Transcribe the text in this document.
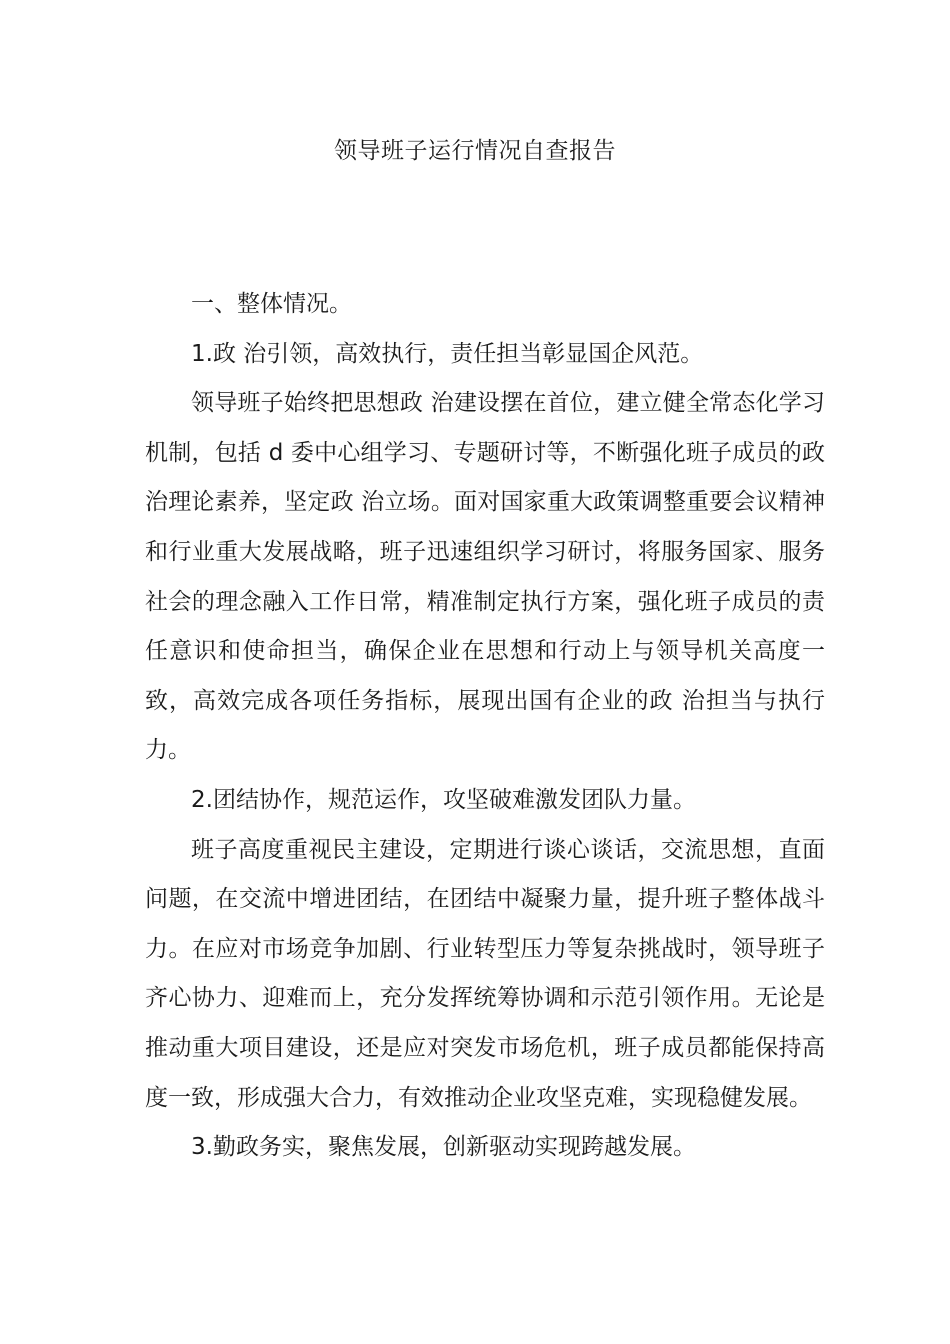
领导班子运行情况自查报告

一、整体情况。

1.政 治引领，高效执行，责任担当彰显国企风范。

领导班子始终把思想政 治建设摆在首位，建立健全常态化学习机制，包括 d 委中心组学习、专题研讨等，不断强化班子成员的政 治理论素养，坚定政 治立场。面对国家重大政策调整重要会议精神和行业重大发展战略，班子迅速组织学习研讨，将服务国家、服务社会的理念融入工作日常，精准制定执行方案，强化班子成员的责任意识和使命担当，确保企业在思想和行动上与领导机关高度一致，高效完成各项任务指标，展现出国有企业的政 治担当与执行力。

2.团结协作，规范运作，攻坚破难激发团队力量。

班子高度重视民主建设，定期进行谈心谈话，交流思想，直面问题，在交流中增进团结，在团结中凝聚力量，提升班子整体战斗力。在应对市场竞争加剧、行业转型压力等复杂挑战时，领导班子齐心协力、迎难而上，充分发挥统筹协调和示范引领作用。无论是推动重大项目建设，还是应对突发市场危机，班子成员都能保持高度一致，形成强大合力，有效推动企业攻坚克难，实现稳健发展。

3.勤政务实，聚焦发展，创新驱动实现跨越发展。
